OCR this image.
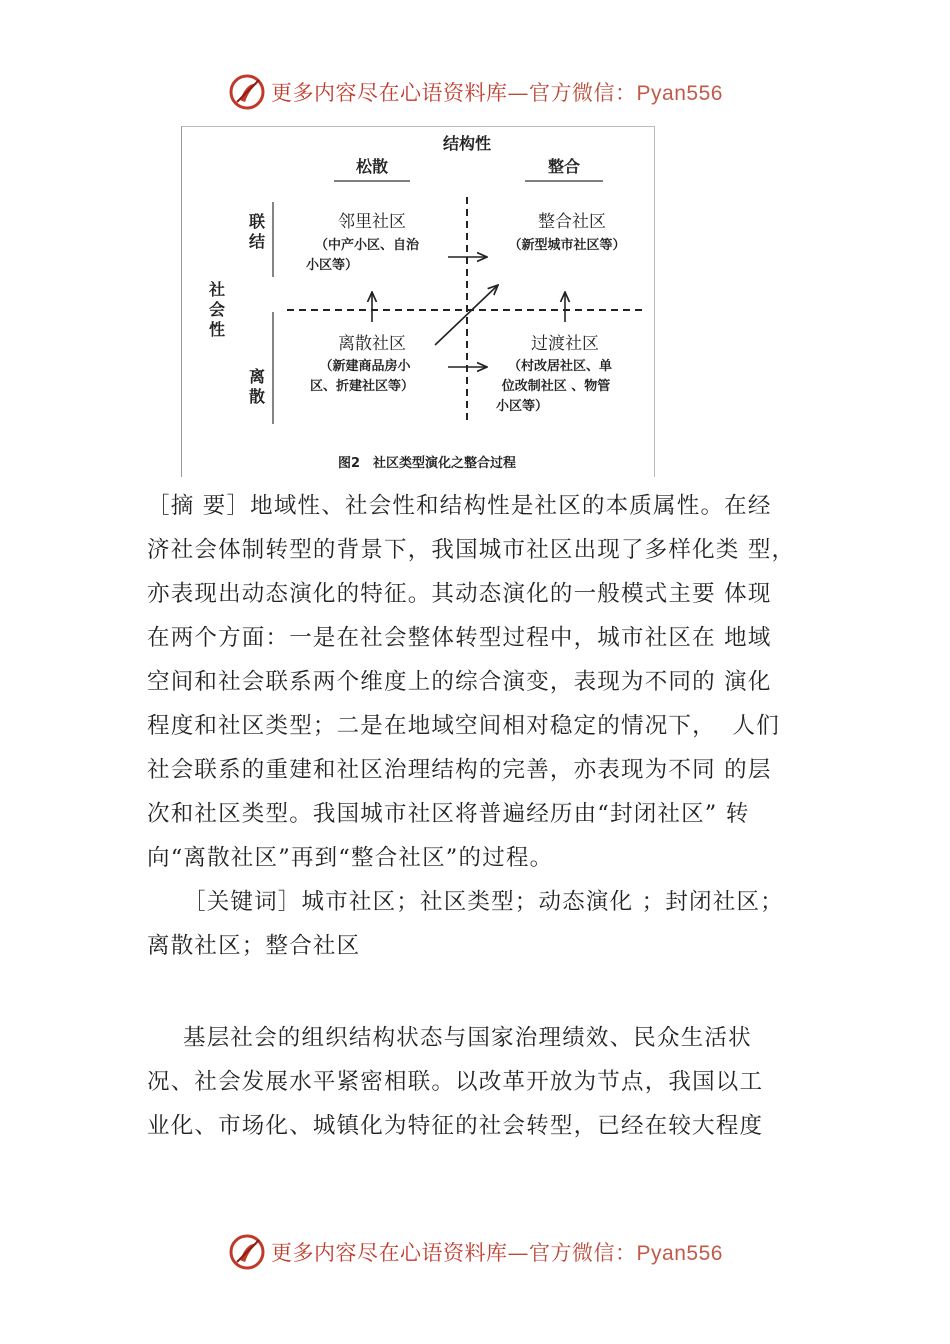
更多内容尽在心语资料库—官方微信：Pyan556
结构性
松散	整合
社会性
联结
离散
邻里社区
（中产小区、自治
小区等）
整合社区
（新型城市社区等）
离散社区
（新建商品房小
区、折建社区等）
过渡社区
（村改居社区、单
位改制社区 、物管
小区等）
图2　社区类型演化之整合过程
［摘 要］地域性、社会性和结构性是社区的本质属性。在经
济社会体制转型的背景下，我国城市社区出现了多样化类 型，
亦表现出动态演化的特征。其动态演化的一般模式主要 体现
在两个方面：一是在社会整体转型过程中，城市社区在 地域
空间和社会联系两个维度上的综合演变，表现为不同的 演化
程度和社区类型；二是在地域空间相对稳定的情况下，  人们
社会联系的重建和社区治理结构的完善，亦表现为不同 的层
次和社区类型。我国城市社区将普遍经历由“封闭社区” 转
向“离散社区”再到“整合社区”的过程。
［关键词］城市社区；社区类型；动态演化 ；封闭社区；
离散社区；整合社区
基层社会的组织结构状态与国家治理绩效、民众生活状
况、社会发展水平紧密相联。以改革开放为节点，我国以工
业化、市场化、城镇化为特征的社会转型，已经在较大程度
更多内容尽在心语资料库—官方微信：Pyan556
